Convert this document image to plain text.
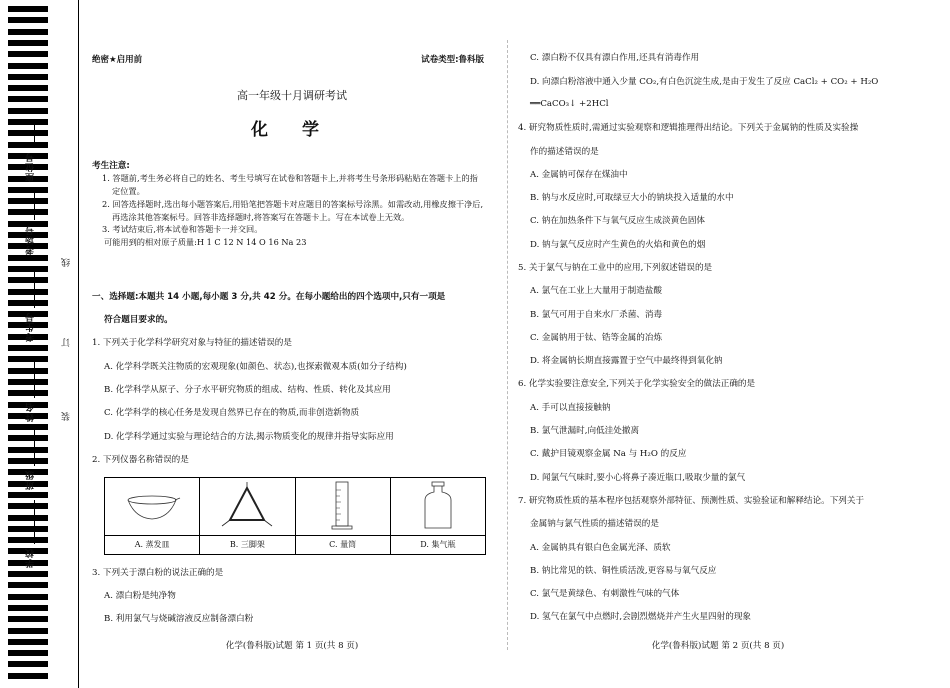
座位号
考场号
考生号
姓名
班级
学校
线
订
装
绝密★启用前	试卷类型:鲁科版
高一年级十月调研考试
化 学
考生注意:
1. 答题前,考生务必将自己的姓名、考生号填写在试卷和答题卡上,并将考生号条形码粘贴在答题卡上的指定位置。
2. 回答选择题时,选出每小题答案后,用铅笔把答题卡对应题目的答案标号涂黑。如需改动,用橡皮擦干净后,再选涂其他答案标号。回答非选择题时,将答案写在答题卡上。写在本试卷上无效。
3. 考试结束后,将本试卷和答题卡一并交回。
可能用到的相对原子质量:H 1 C 12 N 14 O 16 Na 23
一、选择题:本题共 14 小题,每小题 3 分,共 42 分。在每小题给出的四个选项中,只有一项是
符合题目要求的。
1. 下列关于化学科学研究对象与特征的描述错误的是
A. 化学科学既关注物质的宏观现象(如颜色、状态),也探索微观本质(如分子结构)
B. 化学科学从原子、分子水平研究物质的组成、结构、性质、转化及其应用
C. 化学科学的核心任务是发现自然界已存在的物质,而非创造新物质
D. 化学科学通过实验与理论结合的方法,揭示物质变化的规律并指导实际应用
2. 下列仪器名称错误的是
A. 蒸发皿	B. 三脚架	C. 量筒	D. 集气瓶
3. 下列关于漂白粉的说法正确的是
A. 漂白粉是纯净物
B. 利用氯气与烧碱溶液反应制备漂白粉
化学(鲁科版)试题 第 1 页(共 8 页)
C. 漂白粉不仅具有漂白作用,还具有消毒作用
D. 向漂白粉溶液中通入少量 CO₂,有白色沉淀生成,是由于发生了反应 CaCl₂ + CO₂ + H₂O
══CaCO₃↓ +2HCl
4. 研究物质性质时,需通过实验观察和逻辑推理得出结论。下列关于金属钠的性质及实验操
作的描述错误的是
A. 金属钠可保存在煤油中
B. 钠与水反应时,可取绿豆大小的钠块投入适量的水中
C. 钠在加热条件下与氧气反应生成淡黄色固体
D. 钠与氯气反应时产生黄色的火焰和黄色的烟
5. 关于氯气与钠在工业中的应用,下列叙述错误的是
A. 氯气在工业上大量用于制造盐酸
B. 氯气可用于自来水厂杀菌、消毒
C. 金属钠用于钛、锆等金属的冶炼
D. 将金属钠长期直接露置于空气中最终得到氧化钠
6. 化学实验要注意安全,下列关于化学实验安全的做法正确的是
A. 手可以直接接触钠
B. 氯气泄漏时,向低洼处撤离
C. 戴护目镜观察金属 Na 与 H₂O 的反应
D. 闻氯气气味时,要小心将鼻子凑近瓶口,吸取少量的氯气
7. 研究物质性质的基本程序包括观察外部特征、预测性质、实验验证和解释结论。下列关于
金属钠与氯气性质的描述错误的是
A. 金属钠具有银白色金属光泽、质软
B. 钠比常见的铁、铜性质活泼,更容易与氧气反应
C. 氯气是黄绿色、有刺激性气味的气体
D. 氢气在氯气中点燃时,会剧烈燃烧并产生火星四射的现象
化学(鲁科版)试题 第 2 页(共 8 页)
